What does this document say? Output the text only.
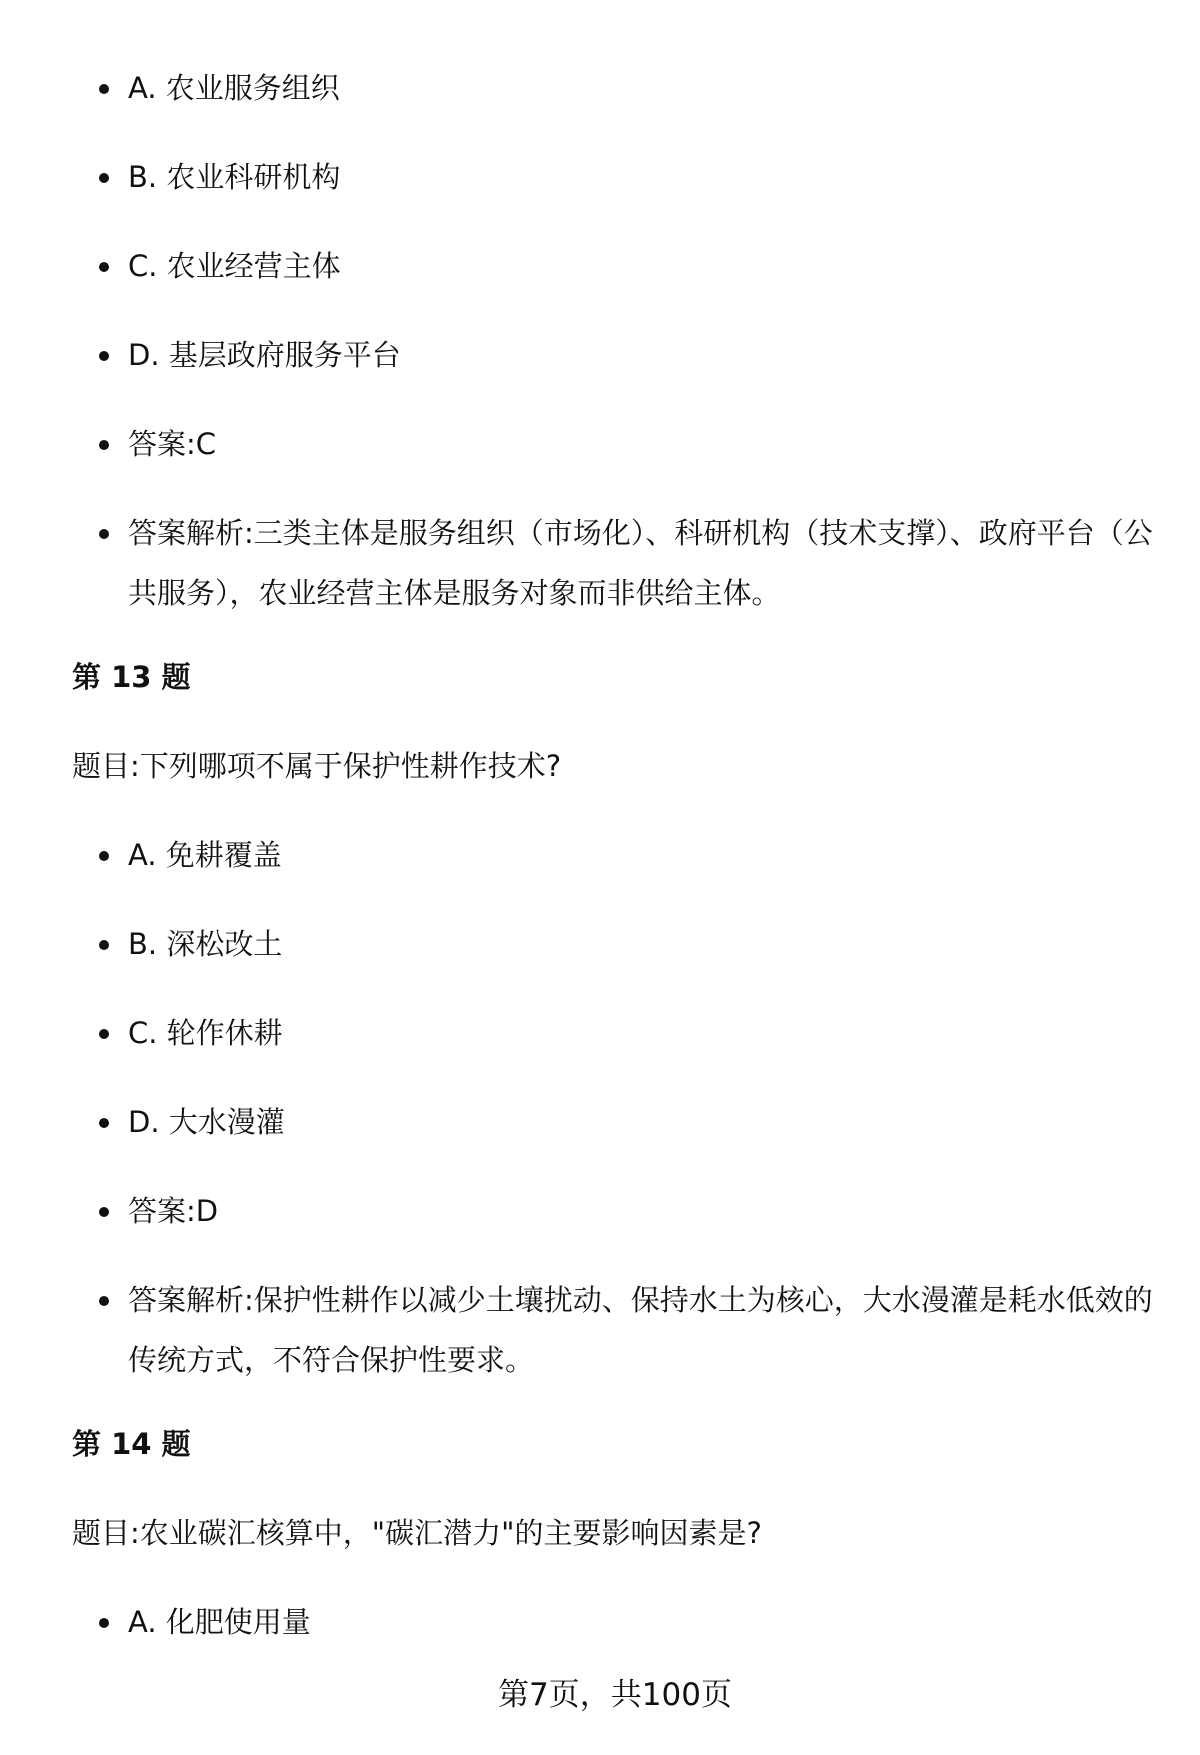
A. 农业服务组织
B. 农业科研机构
C. 农业经营主体
D. 基层政府服务平台
答案:C
答案解析:三类主体是服务组织（市场化）、科研机构（技术支撑）、政府平台（公共服务），农业经营主体是服务对象而非供给主体。
第 13 题
题目:下列哪项不属于保护性耕作技术?
A. 免耕覆盖
B. 深松改土
C. 轮作休耕
D. 大水漫灌
答案:D
答案解析:保护性耕作以减少土壤扰动、保持水土为核心，大水漫灌是耗水低效的传统方式，不符合保护性要求。
第 14 题
题目:农业碳汇核算中，"碳汇潜力"的主要影响因素是?
A. 化肥使用量
第7页，共100页
